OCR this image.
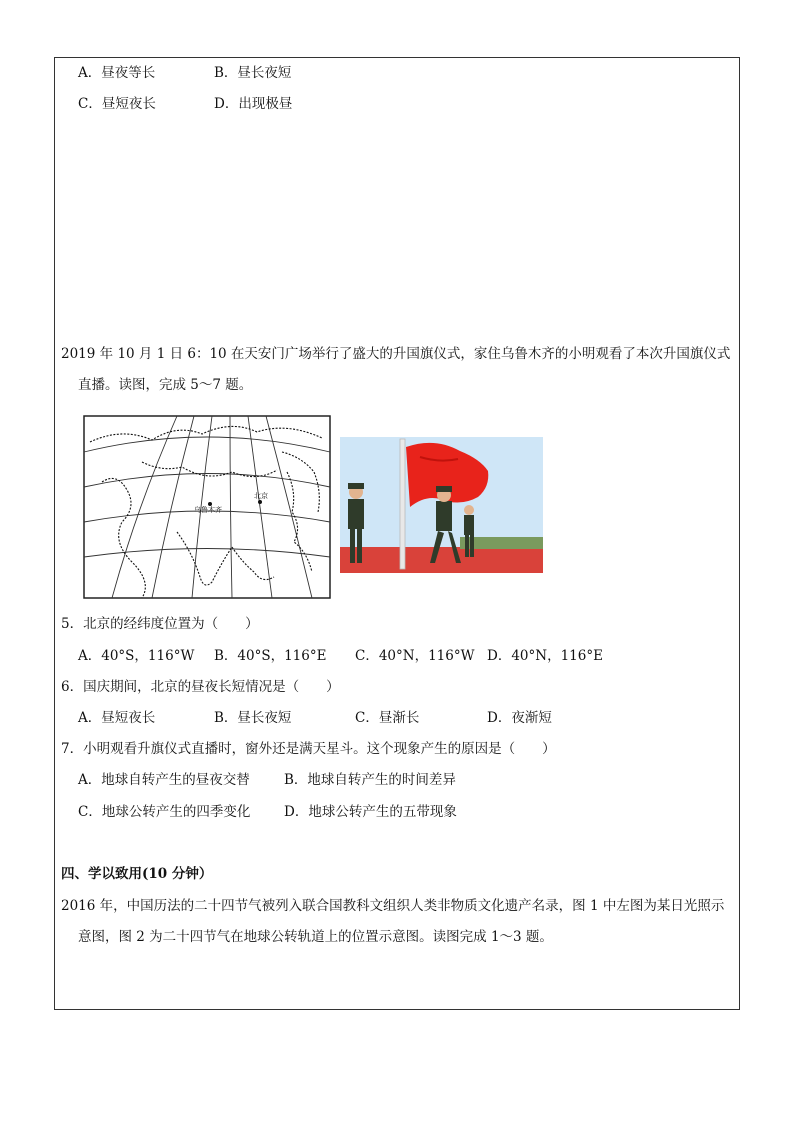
A．昼夜等长	B．昼长夜短
C．昼短夜长	D．出现极昼
2019 年 10 月 1 日 6：10 在天安门广场举行了盛大的升国旗仪式，家住乌鲁木齐的小明观看了本次升国旗仪式
直播。读图，完成 5～7 题。
乌鲁木齐
北京
5．北京的经纬度位置为（　　）
A．40°S，116°W B．40°S，116°E C．40°N，116°W D．40°N，116°E
6．国庆期间，北京的昼夜长短情况是（　　）
A．昼短夜长	B．昼长夜短	C．昼渐长	D．夜渐短
7．小明观看升旗仪式直播时，窗外还是满天星斗。这个现象产生的原因是（　　）
A．地球自转产生的昼夜交替	B．地球自转产生的时间差异
C．地球公转产生的四季变化 D．地球公转产生的五带现象
四、学以致用(10 分钟）
2016 年，中国历法的二十四节气被列入联合国教科文组织人类非物质文化遗产名录，图 1 中左图为某日光照示
意图，图 2 为二十四节气在地球公转轨道上的位置示意图。读图完成 1～3 题。
